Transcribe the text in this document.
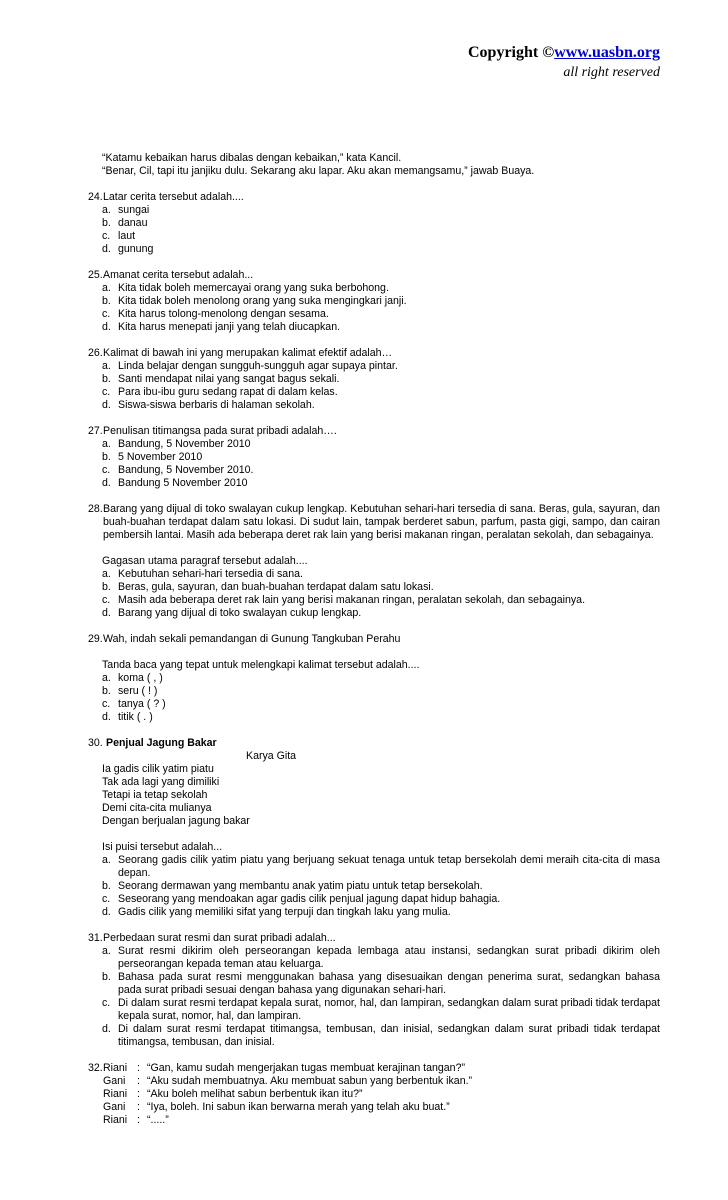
Copyright ©www.uasbn.org
all right reserved
“Katamu kebaikan harus dibalas dengan kebaikan,” kata Kancil.
“Benar, Cil, tapi itu janjiku dulu. Sekarang aku lapar. Aku akan memangsamu,” jawab Buaya.
24. Latar cerita tersebut adalah....
a. sungai
b. danau
c. laut
d. gunung
25. Amanat cerita tersebut adalah...
a. Kita tidak boleh memercayai orang yang suka berbohong.
b. Kita tidak boleh menolong orang yang suka mengingkari janji.
c. Kita harus tolong-menolong dengan sesama.
d. Kita harus menepati janji yang telah diucapkan.
26. Kalimat di bawah ini yang merupakan kalimat efektif adalah…
a. Linda belajar dengan sungguh-sungguh agar supaya pintar.
b. Santi mendapat nilai yang sangat bagus sekali.
c. Para ibu-ibu guru sedang rapat di dalam kelas.
d. Siswa-siswa berbaris di halaman sekolah.
27. Penulisan titimangsa pada surat pribadi adalah….
a. Bandung, 5 November 2010
b. 5 November 2010
c. Bandung, 5 November 2010.
d. Bandung 5 November 2010
28. Barang yang dijual di toko swalayan cukup lengkap. Kebutuhan sehari-hari tersedia di sana. Beras, gula, sayuran, dan buah-buahan terdapat dalam satu lokasi. Di sudut lain, tampak berderet sabun, parfum, pasta gigi, sampo, dan cairan pembersih lantai. Masih ada beberapa deret rak lain yang berisi makanan ringan, peralatan sekolah, dan sebagainya.
Gagasan utama paragraf tersebut adalah....
a. Kebutuhan sehari-hari tersedia di sana.
b. Beras, gula, sayuran, dan buah-buahan terdapat dalam satu lokasi.
c. Masih ada beberapa deret rak lain yang berisi makanan ringan, peralatan sekolah, dan sebagainya.
d. Barang yang dijual di toko swalayan cukup lengkap.
29. Wah, indah sekali pemandangan di Gunung Tangkuban Perahu
Tanda baca yang tepat untuk melengkapi kalimat tersebut adalah....
a. koma ( , )
b. seru ( ! )
c. tanya ( ? )
d. titik ( . )
30. Penjual Jagung Bakar
Karya Gita
Ia gadis cilik yatim piatu
Tak ada lagi yang dimiliki
Tetapi ia tetap sekolah
Demi cita-cita mulianya
Dengan berjualan jagung bakar
Isi puisi tersebut adalah...
a. Seorang gadis cilik yatim piatu yang berjuang sekuat tenaga untuk tetap bersekolah demi meraih cita-cita di masa depan.
b. Seorang dermawan yang membantu anak yatim piatu untuk tetap bersekolah.
c. Seseorang yang mendoakan agar gadis cilik penjual jagung dapat hidup bahagia.
d. Gadis cilik yang memiliki sifat yang terpuji dan tingkah laku yang mulia.
31. Perbedaan surat resmi dan surat pribadi adalah...
a. Surat resmi dikirim oleh perseorangan kepada lembaga atau instansi, sedangkan surat pribadi dikirim oleh perseorangan kepada teman atau keluarga.
b. Bahasa pada surat resmi menggunakan bahasa yang disesuaikan dengan penerima surat, sedangkan bahasa pada surat pribadi sesuai dengan bahasa yang digunakan sehari-hari.
c. Di dalam surat resmi terdapat kepala surat, nomor, hal, dan lampiran, sedangkan dalam surat pribadi tidak terdapat kepala surat, nomor, hal, dan lampiran.
d. Di dalam surat resmi terdapat titimangsa, tembusan, dan inisial, sedangkan dalam surat pribadi tidak terdapat titimangsa, tembusan, dan inisial.
32. Riani : “Gan, kamu sudah mengerjakan tugas membuat kerajinan tangan?”
Gani	: “Aku sudah membuatnya. Aku membuat sabun yang berbentuk ikan.”
Riani : “Aku boleh melihat sabun berbentuk ikan itu?”
Gani	: “Iya, boleh. Ini sabun ikan berwarna merah yang telah aku buat.”
Riani : “.....”
